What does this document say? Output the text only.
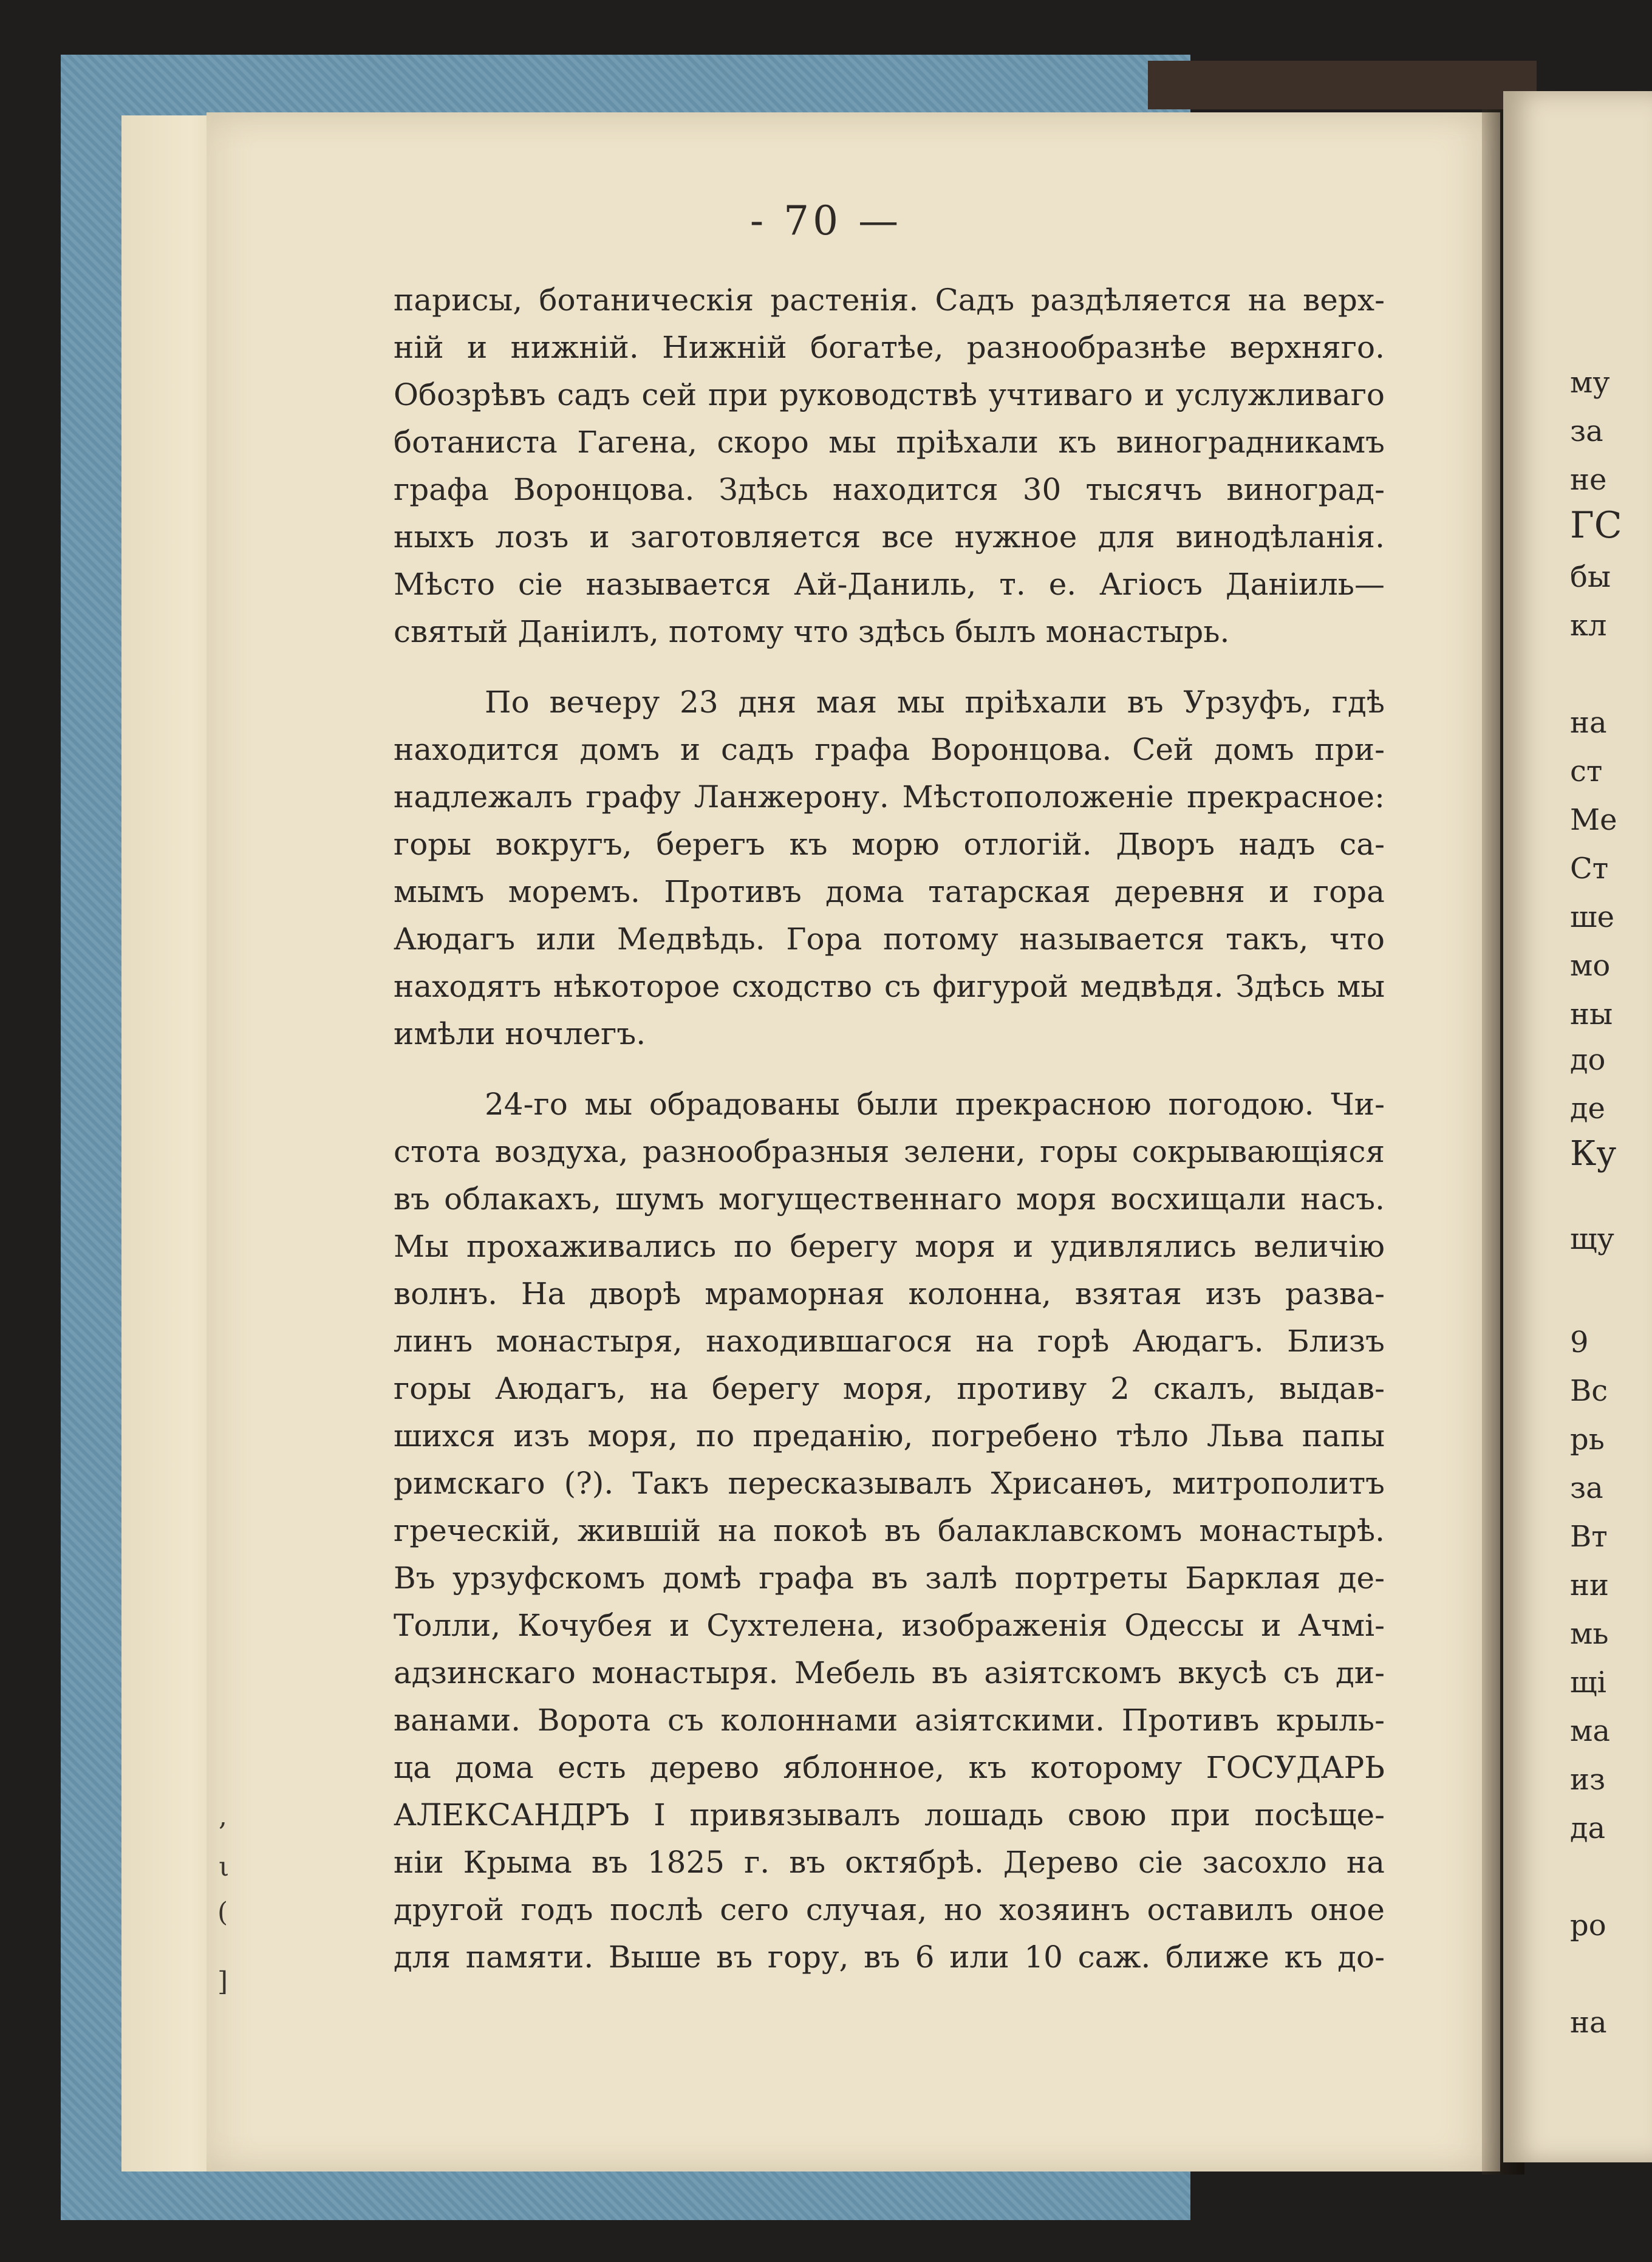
- 70 —
парисы, ботаническія растенія. Садъ раздѣляется на верх-
ній и нижній. Нижній богатѣе, разнообразнѣе верхняго.
Обозрѣвъ садъ сей при руководствѣ учтиваго и услужливаго
ботаниста Гагена, скоро мы пріѣхали къ виноградникамъ
графа Воронцова. Здѣсь находится 30 тысячъ виноград-
ныхъ лозъ и заготовляется все нужное для винодѣланія.
Мѣсто сіе называется Ай-Даниль, т. е. Агіосъ Даніиль—
святый Даніилъ, потому что здѣсь былъ монастырь.
По вечеру 23 дня мая мы пріѣхали въ Урзуфъ, гдѣ
находится домъ и садъ графа Воронцова. Сей домъ при-
надлежалъ графу Ланжерону. Мѣстоположеніе прекрасное:
горы вокругъ, берегъ къ морю отлогій. Дворъ надъ са-
мымъ моремъ. Противъ дома татарская деревня и гора
Аюдагъ или Медвѣдь. Гора потому называется такъ, что
находятъ нѣкоторое сходство съ фигурой медвѣдя. Здѣсь мы
имѣли ночлегъ.
24-го мы обрадованы были прекрасною погодою. Чи-
стота воздуха, разнообразныя зелени, горы сокрывающіяся
въ облакахъ, шумъ могущественнаго моря восхищали насъ.
Мы прохаживались по берегу моря и удивлялись величію
волнъ. На дворѣ мраморная колонна, взятая изъ развa-
линъ монастыря, находившагося на горѣ Аюдагъ. Близъ
горы Аюдагъ, на берегу моря, противу 2 скалъ, выдав-
шихся изъ моря, по преданію, погребено тѣло Льва папы
римскаго (?). Такъ пересказывалъ Хрисанѳъ, митрополитъ
греческій, жившій на покоѣ въ балаклавскомъ монастырѣ.
Въ урзуфскомъ домѣ графа въ залѣ портреты Барклая де-
Толли, Кочубея и Сухтелена, изображенія Одессы и Ачмі-
адзинскаго монастыря. Мебель въ азіятскомъ вкусѣ съ ди-
ванами. Ворота съ колоннами азіятскими. Противъ крыль-
ца дома есть дерево яблонное, къ которому ГОСУДАРЬ
АЛЕКСАНДРЪ I привязывалъ лошадь свою при посѣще-
ніи Крыма въ 1825 г. въ октябрѣ. Дерево сіе засохло на
другой годъ послѣ сего случая, но хозяинъ оставилъ оное
для памяти. Выше въ гору, въ 6 или 10 саж. ближе къ до-
,
ι
(
]
му
за
не
ГС
бы
кл
на
ст
Ме
Ст
ше
мо
ны
до
де
Ку
щу
9
Вс
рь
за
Вт
ни
мь
щі
ма
из
да
ро
на
